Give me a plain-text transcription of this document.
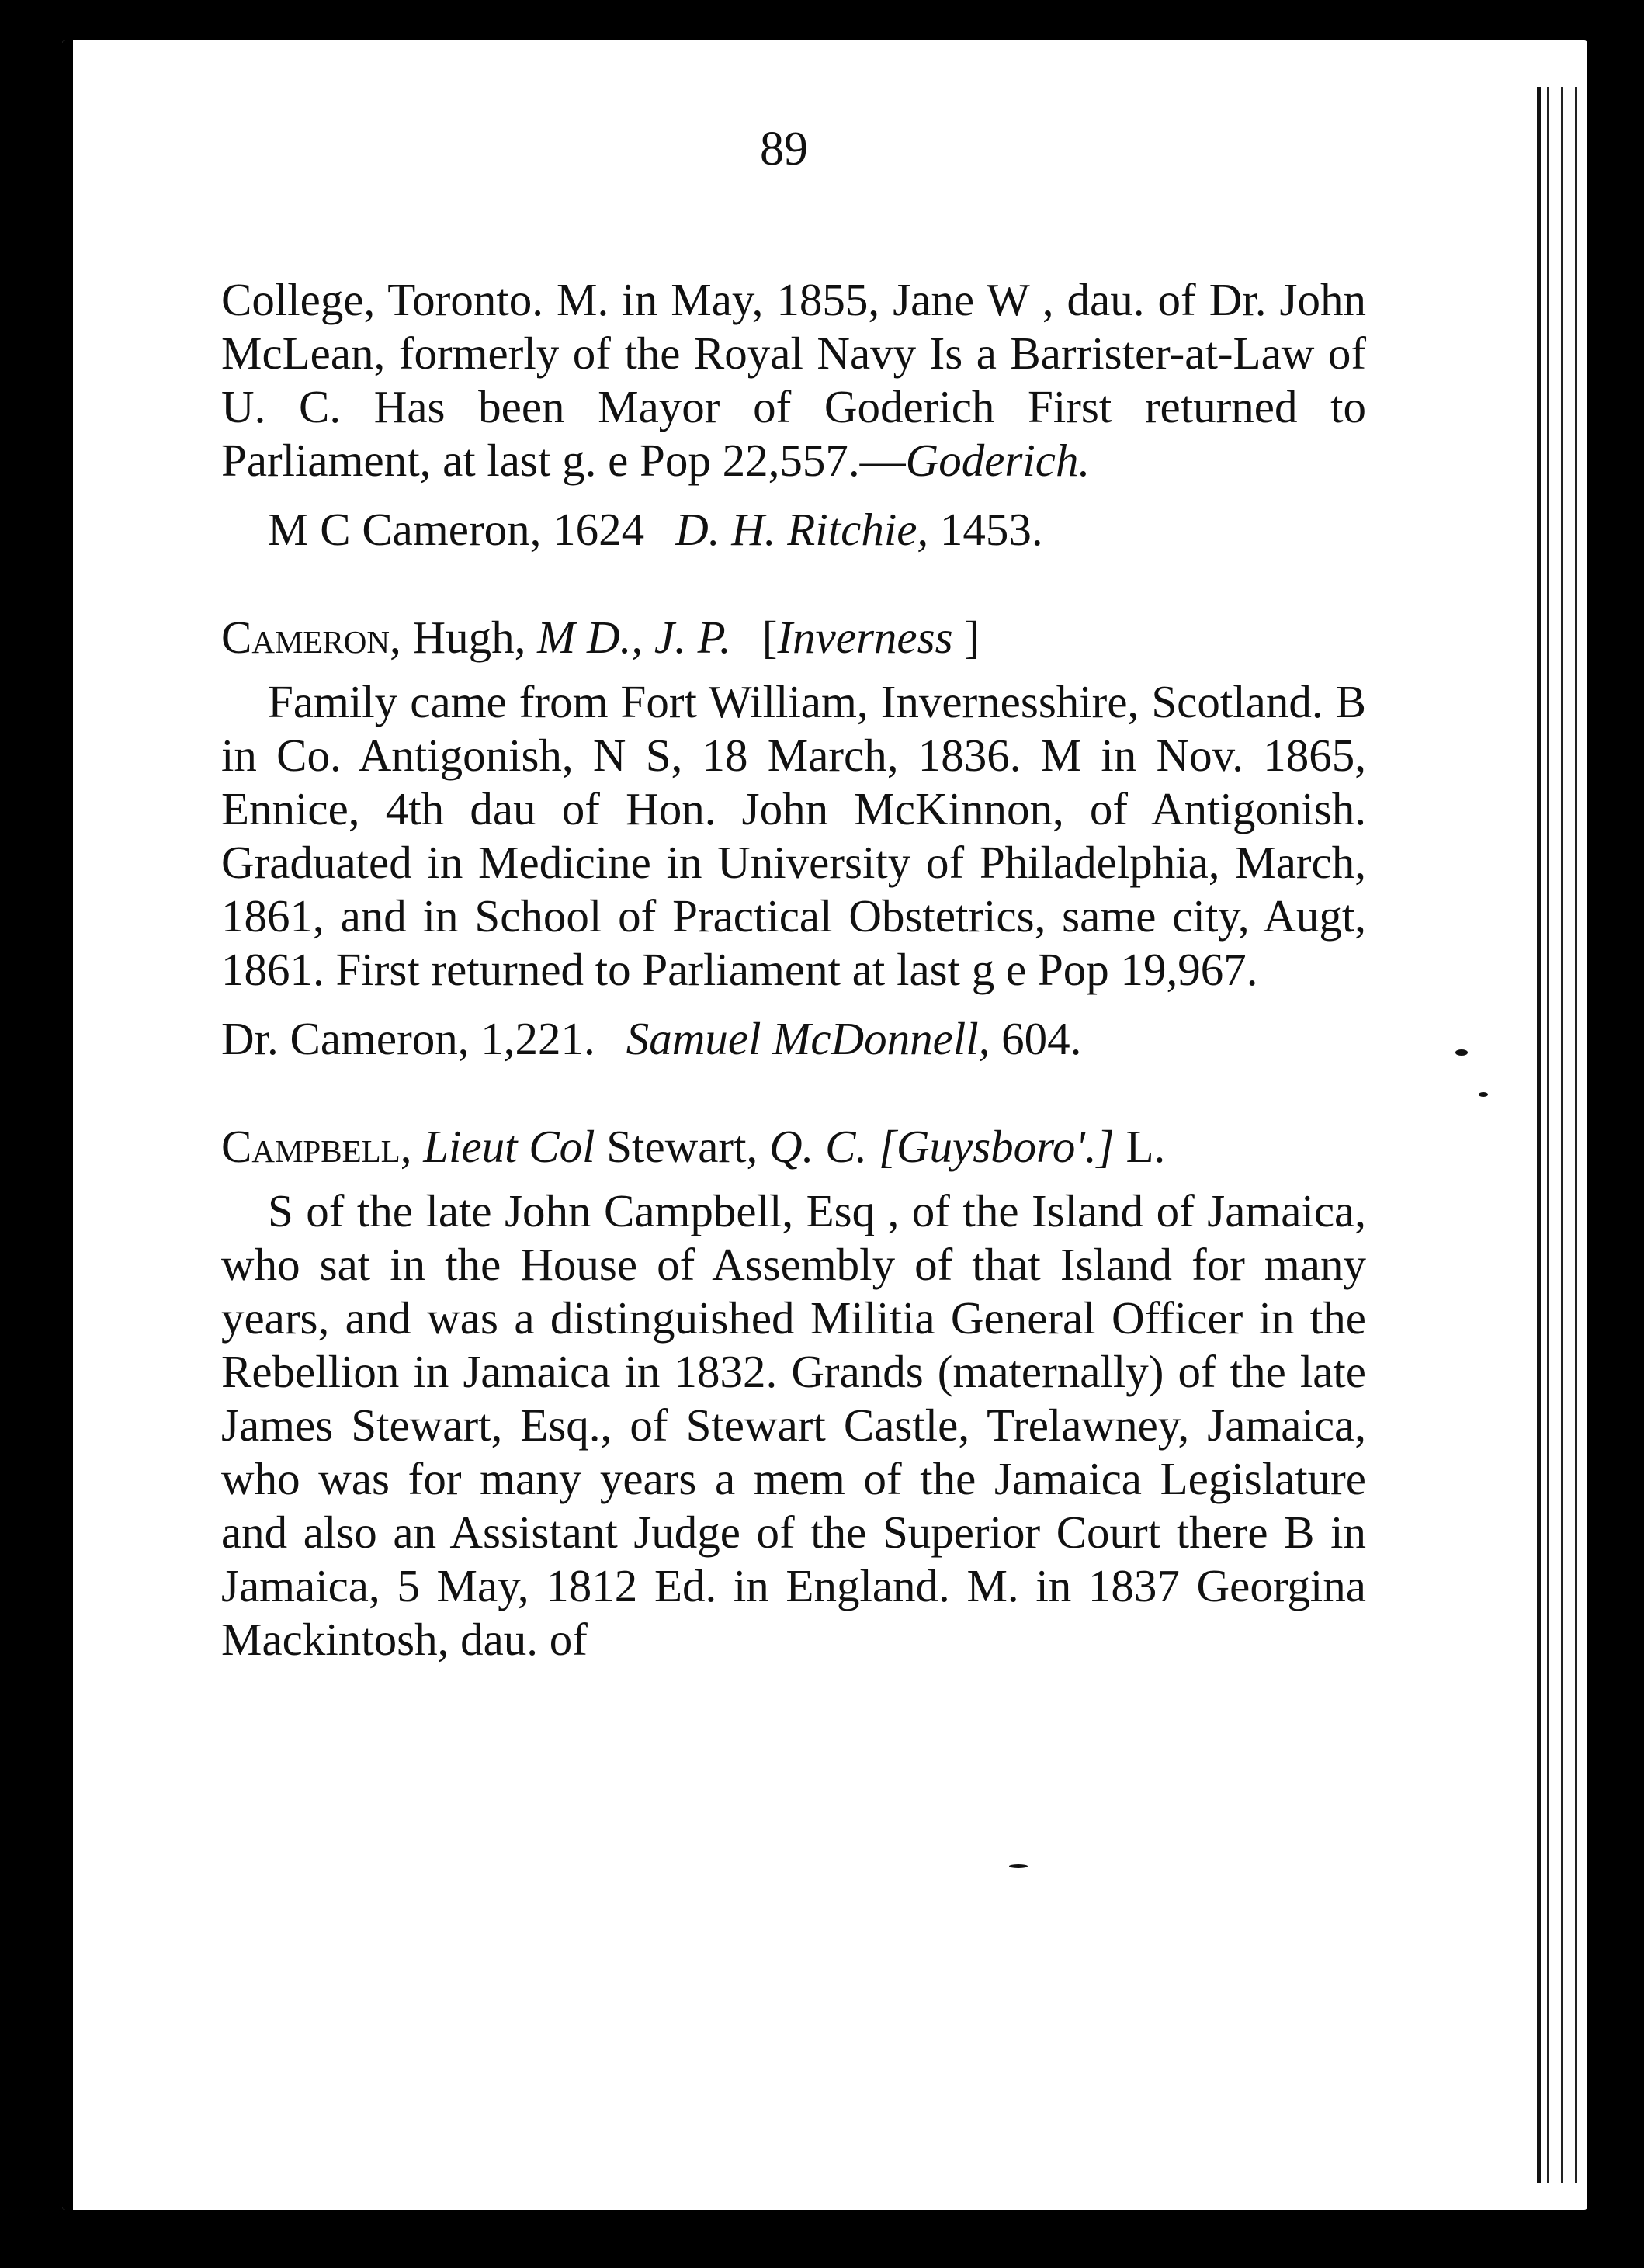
89

College, Toronto. M. in May, 1855, Jane W , dau. of Dr. John McLean, formerly of the Royal Navy Is a Barrister-at-Law of U. C. Has been Mayor of Goderich First returned to Parliament, at last g. e Pop 22,557.—Goderich.

M C Cameron, 1624 D. H. Ritchie, 1453.

Cameron, Hugh, M D., J. P. [Inverness ]

Family came from Fort William, Invernesshire, Scotland. B in Co. Antigonish, N S, 18 March, 1836. M in Nov. 1865, Ennice, 4th dau of Hon. John McKinnon, of Antigonish. Graduated in Medicine in University of Philadelphia, March, 1861, and in School of Practical Obstetrics, same city, Augt, 1861. First returned to Parliament at last g e Pop 19,967.

Dr. Cameron, 1,221. Samuel McDonnell, 604.

Campbell, Lieut Col Stewart, Q. C. [Guysboro'.] L.

S of the late John Campbell, Esq , of the Island of Jamaica, who sat in the House of Assembly of that Island for many years, and was a distinguished Militia General Officer in the Rebellion in Jamaica in 1832. Grands (maternally) of the late James Stewart, Esq., of Stewart Castle, Trelawney, Jamaica, who was for many years a mem of the Jamaica Legislature and also an Assistant Judge of the Superior Court there B in Jamaica, 5 May, 1812 Ed. in England. M. in 1837 Georgina Mackintosh, dau. of
